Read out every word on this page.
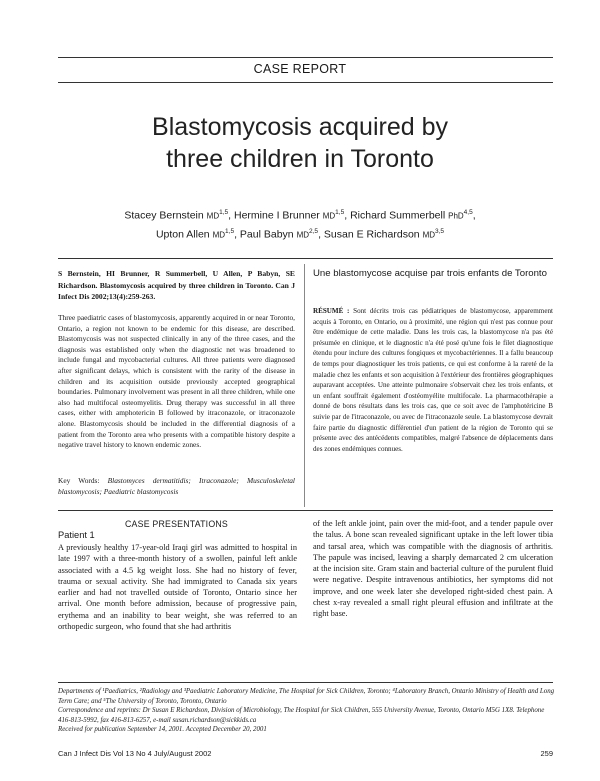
CASE REPORT
Blastomycosis acquired by
three children in Toronto
Stacey Bernstein MD$^{1,5}$, Hermine I Brunner MD$^{1,5}$, Richard Summerbell PhD$^{4,5}$,
Upton Allen MD$^{1,5}$, Paul Babyn MD$^{2,5}$, Susan E Richardson MD$^{3,5}$
S Bernstein, HI Brunner, R Summerbell, U Allen, P Babyn, SE Richardson. Blastomycosis acquired by three children in Toronto. Can J Infect Dis 2002;13(4):259-263.
Three paediatric cases of blastomycosis, apparently acquired in or near Toronto, Ontario, a region not known to be endemic for this disease, are described. Blastomycosis was not suspected clinically in any of the three cases, and the diagnosis was established only when the diagnostic net was broadened to include fungal and mycobacterial cultures. All three patients were diagnosed after significant delays, which is consistent with the rarity of the disease in children and its acquisition outside previously accepted geographical boundaries. Pulmonary involvement was present in all three children, while one also had multifocal osteomyelitis. Drug therapy was successful in all three cases, either with amphotericin B followed by itraconazole, or itraconazole alone. Blastomycosis should be included in the differential diagnosis of a patient from the Toronto area who presents with a compatible history despite a negative travel history to known endemic zones.
Key Words: Blastomyces dermatitidis; Itraconazole; Musculoskeletal blastomycosis; Paediatric blastomycosis
Une blastomycose acquise par trois enfants de Toronto
RÉSUMÉ : Sont décrits trois cas pédiatriques de blastomycose, apparemment acquis à Toronto, en Ontario, ou à proximité, une région qui n'est pas connue pour être endémique de cette maladie. Dans les trois cas, la blastomycose n'a pas été présumée en clinique, et le diagnostic n'a été posé qu'une fois le filet diagnostique étendu pour inclure des cultures fongiques et mycobactériennes. Il a fallu beaucoup de temps pour diagnostiquer les trois patients, ce qui est conforme à la rareté de la maladie chez les enfants et son acquisition à l'extérieur des frontières géographiques auparavant acceptées. Une atteinte pulmonaire s'observait chez les trois enfants, et un enfant souffrait également d'ostéomyélite multifocale. La pharmacothérapie a donné de bons résultats dans les trois cas, que ce soit avec de l'amphotéricine B suivie par de l'itraconazole, ou avec de l'itraconazole seule. La blastomycose devrait faire partie du diagnostic différentiel d'un patient de la région de Toronto qui se présente avec des antécédents compatibles, malgré l'absence de déplacements dans des zones endémiques connues.
CASE PRESENTATIONS
Patient 1
A previously healthy 17-year-old Iraqi girl was admitted to hospital in late 1997 with a three-month history of a swollen, painful left ankle associated with a 4.5 kg weight loss. She had no history of fever, trauma or sexual activity. She had immigrated to Canada six years earlier and had not travelled outside of Toronto, Ontario since her arrival. One month before admission, because of progressive pain, erythema and an inability to bear weight, she was referred to an orthopedic surgeon, who found that she had arthritis
of the left ankle joint, pain over the mid-foot, and a tender papule over the talus. A bone scan revealed significant uptake in the left lower tibia and tarsal area, which was compatible with the diagnosis of arthritis. The papule was incised, leaving a sharply demarcated 2 cm ulceration at the incision site. Gram stain and bacterial culture of the purulent fluid were negative. Despite intravenous antibiotics, her symptoms did not improve, and one week later she developed right-sided chest pain. A chest x-ray revealed a small right pleural effusion and infiltrate at the right base.
Departments of ¹Paediatrics, ²Radiology and ³Paediatric Laboratory Medicine, The Hospital for Sick Children, Toronto; ⁴Laboratory Branch, Ontario Ministry of Health and Long Term Care; and ⁵The University of Toronto, Toronto, Ontario
Correspondence and reprints: Dr Susan E Richardson, Division of Microbiology, The Hospital for Sick Children, 555 University Avenue, Toronto, Ontario M5G 1X8. Telephone 416-813-5992, fax 416-813-6257, e-mail susan.richardson@sickkids.ca
Received for publication September 14, 2001. Accepted December 20, 2001
Can J Infect Dis Vol 13 No 4 July/August 2002	259
